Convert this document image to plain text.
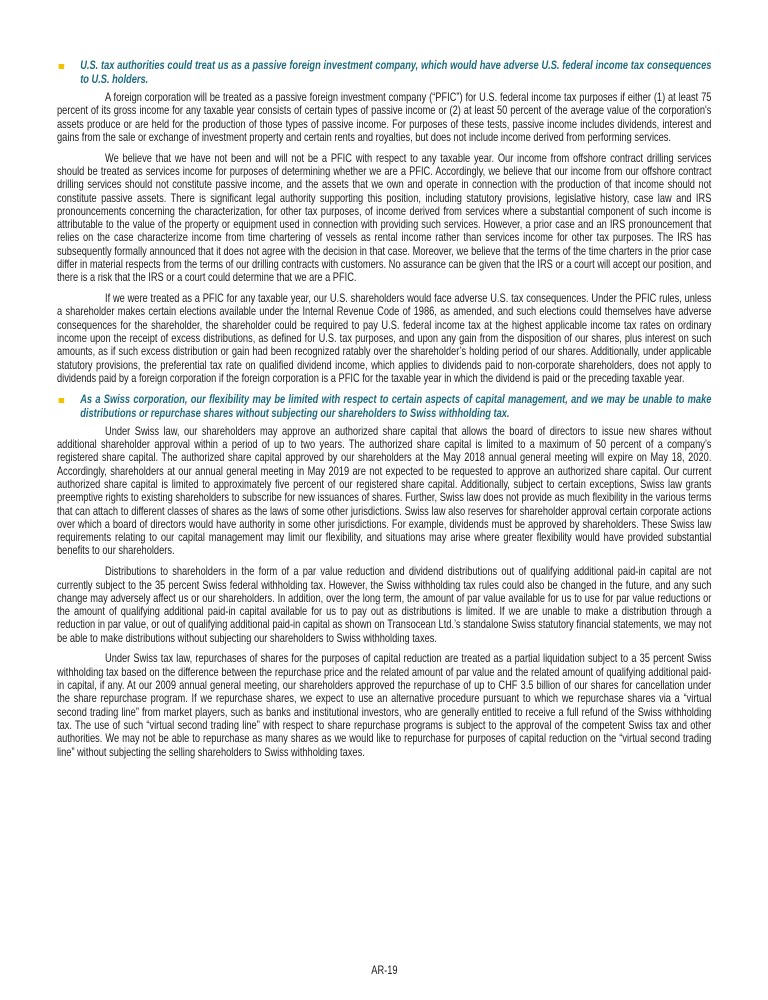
U.S. tax authorities could treat us as a passive foreign investment company, which would have adverse U.S. federal income tax consequences to U.S. holders.

A foreign corporation will be treated as a passive foreign investment company (“PFIC”) for U.S. federal income tax purposes if either (1) at least 75 percent of its gross income for any taxable year consists of certain types of passive income or (2) at least 50 percent of the average value of the corporation's assets produce or are held for the production of those types of passive income. For purposes of these tests, passive income includes dividends, interest and gains from the sale or exchange of investment property and certain rents and royalties, but does not include income derived from performing services.

We believe that we have not been and will not be a PFIC with respect to any taxable year. Our income from offshore contract drilling services should be treated as services income for purposes of determining whether we are a PFIC. Accordingly, we believe that our income from our offshore contract drilling services should not constitute passive income, and the assets that we own and operate in connection with the production of that income should not constitute passive assets. There is significant legal authority supporting this position, including statutory provisions, legislative history, case law and IRS pronouncements concerning the characterization, for other tax purposes, of income derived from services where a substantial component of such income is attributable to the value of the property or equipment used in connection with providing such services. However, a prior case and an IRS pronouncement that relies on the case characterize income from time chartering of vessels as rental income rather than services income for other tax purposes. The IRS has subsequently formally announced that it does not agree with the decision in that case. Moreover, we believe that the terms of the time charters in the prior case differ in material respects from the terms of our drilling contracts with customers. No assurance can be given that the IRS or a court will accept our position, and there is a risk that the IRS or a court could determine that we are a PFIC.

If we were treated as a PFIC for any taxable year, our U.S. shareholders would face adverse U.S. tax consequences. Under the PFIC rules, unless a shareholder makes certain elections available under the Internal Revenue Code of 1986, as amended, and such elections could themselves have adverse consequences for the shareholder, the shareholder could be required to pay U.S. federal income tax at the highest applicable income tax rates on ordinary income upon the receipt of excess distributions, as defined for U.S. tax purposes, and upon any gain from the disposition of our shares, plus interest on such amounts, as if such excess distribution or gain had been recognized ratably over the shareholder’s holding period of our shares. Additionally, under applicable statutory provisions, the preferential tax rate on qualified dividend income, which applies to dividends paid to non-corporate shareholders, does not apply to dividends paid by a foreign corporation if the foreign corporation is a PFIC for the taxable year in which the dividend is paid or the preceding taxable year.

As a Swiss corporation, our flexibility may be limited with respect to certain aspects of capital management, and we may be unable to make distributions or repurchase shares without subjecting our shareholders to Swiss withholding tax.

Under Swiss law, our shareholders may approve an authorized share capital that allows the board of directors to issue new shares without additional shareholder approval within a period of up to two years. The authorized share capital is limited to a maximum of 50 percent of a company’s registered share capital. The authorized share capital approved by our shareholders at the May 2018 annual general meeting will expire on May 18, 2020. Accordingly, shareholders at our annual general meeting in May 2019 are not expected to be requested to approve an authorized share capital. Our current authorized share capital is limited to approximately five percent of our registered share capital. Additionally, subject to certain exceptions, Swiss law grants preemptive rights to existing shareholders to subscribe for new issuances of shares. Further, Swiss law does not provide as much flexibility in the various terms that can attach to different classes of shares as the laws of some other jurisdictions. Swiss law also reserves for shareholder approval certain corporate actions over which a board of directors would have authority in some other jurisdictions. For example, dividends must be approved by shareholders. These Swiss law requirements relating to our capital management may limit our flexibility, and situations may arise where greater flexibility would have provided substantial benefits to our shareholders.

Distributions to shareholders in the form of a par value reduction and dividend distributions out of qualifying additional paid-in capital are not currently subject to the 35 percent Swiss federal withholding tax. However, the Swiss withholding tax rules could also be changed in the future, and any such change may adversely affect us or our shareholders. In addition, over the long term, the amount of par value available for us to use for par value reductions or the amount of qualifying additional paid-in capital available for us to pay out as distributions is limited. If we are unable to make a distribution through a reduction in par value, or out of qualifying additional paid-in capital as shown on Transocean Ltd.’s standalone Swiss statutory financial statements, we may not be able to make distributions without subjecting our shareholders to Swiss withholding taxes.

Under Swiss tax law, repurchases of shares for the purposes of capital reduction are treated as a partial liquidation subject to a 35 percent Swiss withholding tax based on the difference between the repurchase price and the related amount of par value and the related amount of qualifying additional paid-in capital, if any. At our 2009 annual general meeting, our shareholders approved the repurchase of up to CHF 3.5 billion of our shares for cancellation under the share repurchase program. If we repurchase shares, we expect to use an alternative procedure pursuant to which we repurchase shares via a “virtual second trading line” from market players, such as banks and institutional investors, who are generally entitled to receive a full refund of the Swiss withholding tax. The use of such “virtual second trading line” with respect to share repurchase programs is subject to the approval of the competent Swiss tax and other authorities. We may not be able to repurchase as many shares as we would like to repurchase for purposes of capital reduction on the “virtual second trading line” without subjecting the selling shareholders to Swiss withholding taxes.

AR-19
